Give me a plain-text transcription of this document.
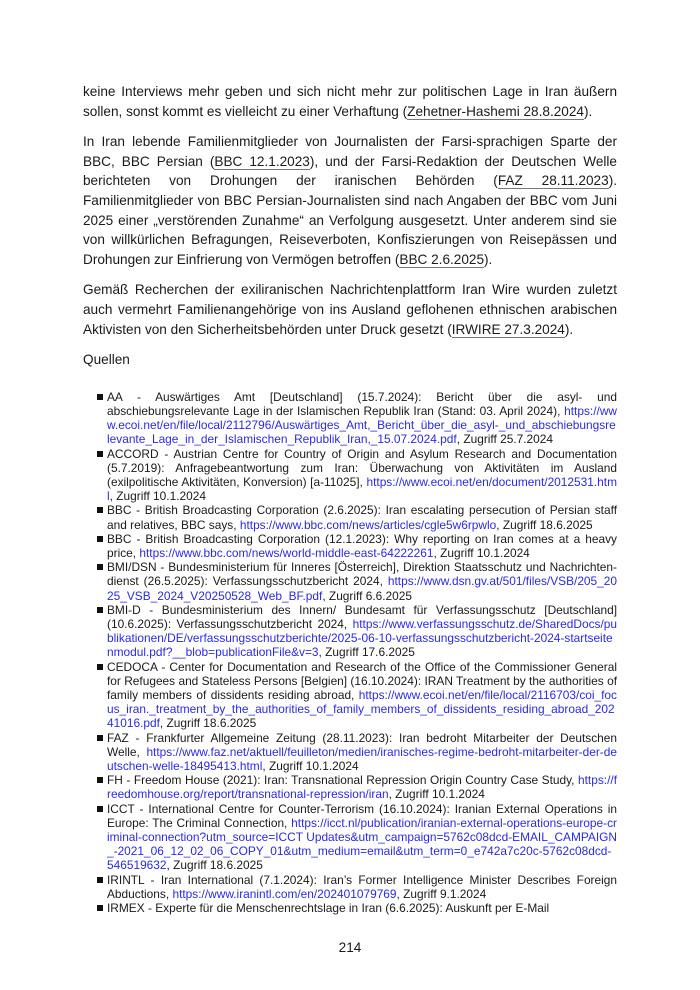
keine Interviews mehr geben und sich nicht mehr zur politischen Lage in Iran äußern sollen, sonst kommt es vielleicht zu einer Verhaftung (Zehetner-Hashemi 28.8.2024).

In Iran lebende Familienmitglieder von Journalisten der Farsi-sprachigen Sparte der BBC, BBC Persian (BBC 12.1.2023), und der Farsi-Redaktion der Deutschen Welle berichteten von Drohungen der iranischen Behörden (FAZ 28.11.2023). Familienmitglieder von BBC Persian-Journalisten sind nach Angaben der BBC vom Juni 2025 einer „verstörenden Zunahme“ an Verfolgung ausgesetzt. Unter anderem sind sie von willkürlichen Befragungen, Reiseverboten, Konfiszierungen von Reisepässen und Drohungen zur Einfrierung von Vermögen betroffen (BBC 2.6.2025).

Gemäß Recherchen der exiliranischen Nachrichtenplattform Iran Wire wurden zuletzt auch vermehrt Familienangehörige von ins Ausland geflohenen ethnischen arabischen Aktivisten von den Sicherheitsbehörden unter Druck gesetzt (IRWIRE 27.3.2024).

Quellen
AA - Auswärtiges Amt [Deutschland] (15.7.2024): Bericht über die asyl- und abschiebungsrelevante Lage in der Islamischen Republik Iran (Stand: 03. April 2024), https://www.ecoi.net/en/file/local/2112796/Auswärtiges_Amt,_Bericht_über_die_asyl-_und_abschiebungsrelevante_Lage_in_der_Islamischen_Republik_Iran,_15.07.2024.pdf, Zugriff 25.7.2024
ACCORD - Austrian Centre for Country of Origin and Asylum Research and Documentation (5.7.2019): Anfragebeantwortung zum Iran: Überwachung von Aktivitäten im Ausland (exilpolitische Aktivitäten, Konversion) [a-11025], https://www.ecoi.net/en/document/2012531.html, Zugriff 10.1.2024
BBC - British Broadcasting Corporation (2.6.2025): Iran escalating persecution of Persian staff and relatives, BBC says, https://www.bbc.com/news/articles/cgle5w6rpwlo, Zugriff 18.6.2025
BBC - British Broadcasting Corporation (12.1.2023): Why reporting on Iran comes at a heavy price, https://www.bbc.com/news/world-middle-east-64222261, Zugriff 10.1.2024
BMI/DSN - Bundesministerium für Inneres [Österreich], Direktion Staatsschutz und Nachrichtendienst (26.5.2025): Verfassungsschutzbericht 2024, https://www.dsn.gv.at/501/files/VSB/205_2025_VSB_2024_V20250528_Web_BF.pdf, Zugriff 6.6.2025
BMI-D - Bundesministerium des Innern/ Bundesamt für Verfassungsschutz [Deutschland] (10.6.2025): Verfassungsschutzbericht 2024, https://www.verfassungsschutz.de/SharedDocs/publikationen/DE/verfassungsschutzberichte/2025-06-10-verfassungsschutzbericht-2024-startseitenmodul.pdf?__blob=publicationFile&v=3, Zugriff 17.6.2025
CEDOCA - Center for Documentation and Research of the Office of the Commissioner General for Refugees and Stateless Persons [Belgien] (16.10.2024): IRAN Treatment by the authorities of family members of dissidents residing abroad, https://www.ecoi.net/en/file/local/2116703/coi_focus_iran._treatment_by_the_authorities_of_family_members_of_dissidents_residing_abroad_20241016.pdf, Zugriff 18.6.2025
FAZ - Frankfurter Allgemeine Zeitung (28.11.2023): Iran bedroht Mitarbeiter der Deutschen Welle, https://www.faz.net/aktuell/feuilleton/medien/iranisches-regime-bedroht-mitarbeiter-der-deutschen-welle-18495413.html, Zugriff 10.1.2024
FH - Freedom House (2021): Iran: Transnational Repression Origin Country Case Study, https://freedomhouse.org/report/transnational-repression/iran, Zugriff 10.1.2024
ICCT - International Centre for Counter-Terrorism (16.10.2024): Iranian External Operations in Europe: The Criminal Connection, https://icct.nl/publication/iranian-external-operations-europe-criminal-connection?utm_source=ICCT Updates&utm_campaign=5762c08dcd-EMAIL_CAMPAIGN_-2021_06_12_02_06_COPY_01&utm_medium=email&utm_term=0_e742a7c20c-5762c08dcd-546519632, Zugriff 18.6.2025
IRINTL - Iran International (7.1.2024): Iran’s Former Intelligence Minister Describes Foreign Abductions, https://www.iranintl.com/en/202401079769, Zugriff 9.1.2024
IRMEX - Experte für die Menschenrechtslage in Iran (6.6.2025): Auskunft per E-Mail
214
